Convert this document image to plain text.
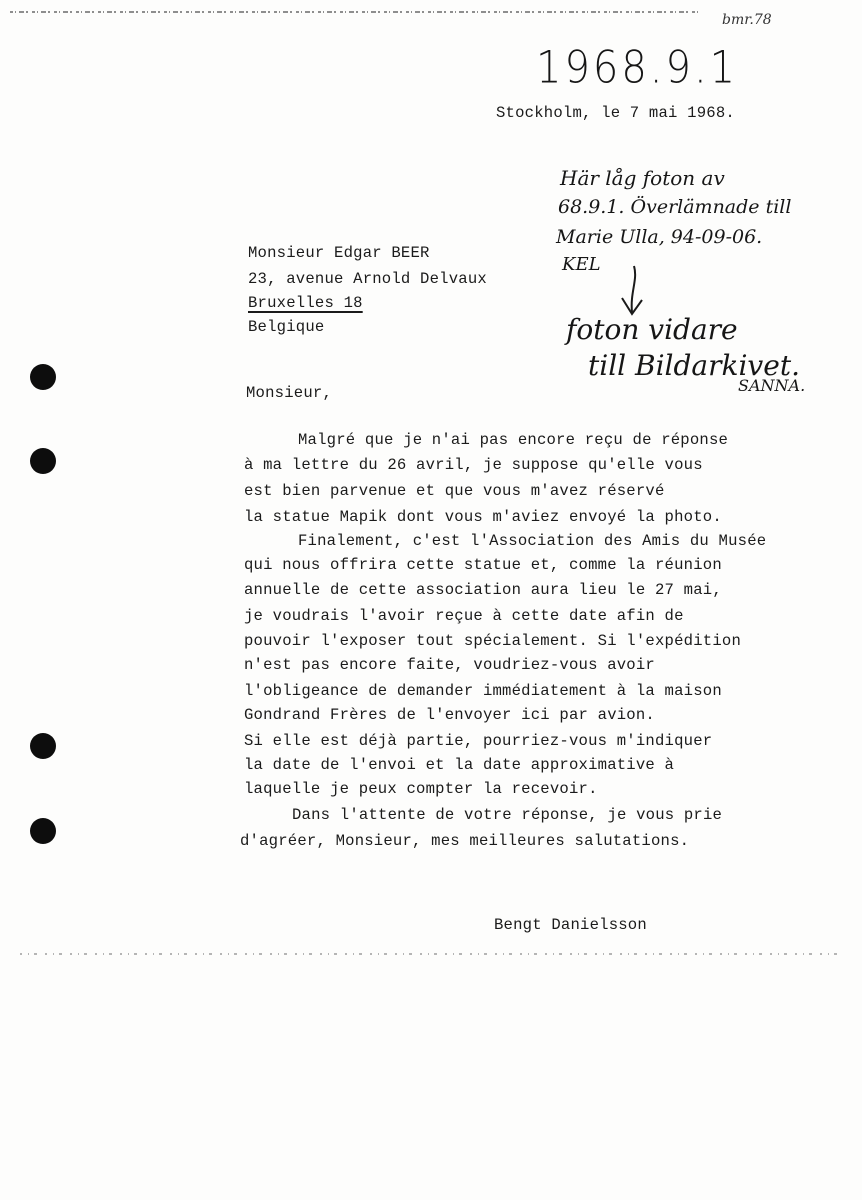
bmr.78
1968.9.1
Här låg foton av
68.9.1. Överlämnade till
Marie Ulla, 94-09-06.
KEL
foton vidare
till Bildarkivet.
SANNA.
Stockholm, le 7 mai 1968.
Monsieur Edgar BEER
23, avenue Arnold Delvaux
Bruxelles 18
Belgique
Monsieur,
Malgré que je n'ai pas encore reçu de réponse
à ma lettre du 26 avril, je suppose qu'elle vous
est bien parvenue et que vous m'avez réservé
la statue Mapik dont vous m'aviez envoyé la photo.
Finalement, c'est l'Association des Amis du Musée
qui nous offrira cette statue et, comme la réunion
annuelle de cette association aura lieu le 27 mai,
je voudrais l'avoir reçue à cette date afin de
pouvoir l'exposer tout spécialement. Si l'expédition
n'est pas encore faite, voudriez-vous avoir
l'obligeance de demander immédiatement à la maison
Gondrand Frères de l'envoyer ici par avion.
Si elle est déjà partie, pourriez-vous m'indiquer
la date de l'envoi et la date approximative à
laquelle je peux compter la recevoir.
Dans l'attente de votre réponse, je vous prie
d'agréer, Monsieur, mes meilleures salutations.
Bengt Danielsson
